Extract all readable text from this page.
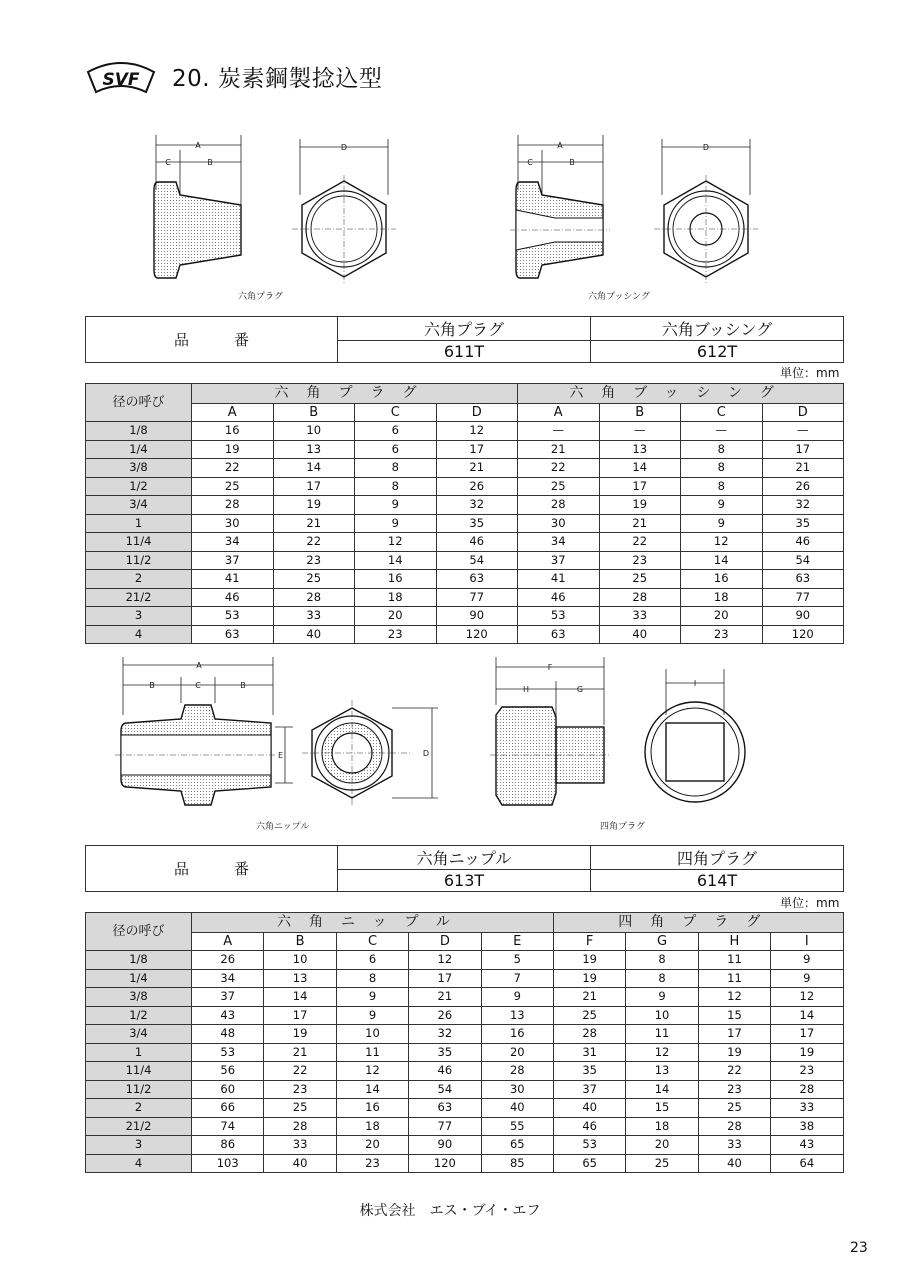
SVF 20. 炭素鋼製捻込型
A
C	B
D
六角プラグ
A
C	B
D
六角ブッシング
品　　　番	六角プラグ	六角ブッシング
	611T	612T
単位：mm
径の呼び	六角プラグ				六角ブッシング			
	A	B	C	D	A	B	C	D
1/8	16	10	6	12	—	—	—	—
1/4	19	13	6	17	21	13	8	17
3/8	22	14	8	21	22	14	8	21
1/2	25	17	8	26	25	17	8	26
3/4	28	19	9	32	28	19	9	32
1	30	21	9	35	30	21	9	35
11/4	34	22	12	46	34	22	12	46
11/2	37	23	14	54	37	23	14	54
2	41	25	16	63	41	25	16	63
21/2	46	28	18	77	46	28	18	77
3	53	33	20	90	53	33	20	90
4	63	40	23	120	63	40	23	120
A
B	C	B
E	D
六角ニップル
F
H	G
I
四角プラグ
品　　　番	六角ニップル	四角プラグ
	613T	614T
単位：mm
径の呼び	六角ニップル					四角プラグ			
	A	B	C	D	E	F	G	H	I
1/8	26	10	6	12	5	19	8	11	9
1/4	34	13	8	17	7	19	8	11	9
3/8	37	14	9	21	9	21	9	12	12
1/2	43	17	9	26	13	25	10	15	14
3/4	48	19	10	32	16	28	11	17	17
1	53	21	11	35	20	31	12	19	19
11/4	56	22	12	46	28	35	13	22	23
11/2	60	23	14	54	30	37	14	23	28
2	66	25	16	63	40	40	15	25	33
21/2	74	28	18	77	55	46	18	28	38
3	86	33	20	90	65	53	20	33	43
4	103	40	23	120	85	65	25	40	64
株式会社　エス・ブイ・エフ
23
